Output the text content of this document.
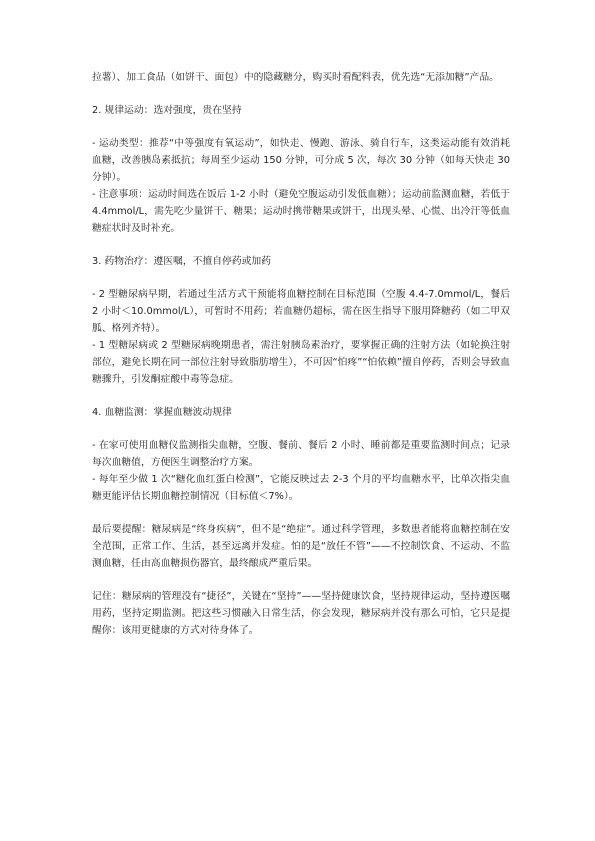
拉薯）、加工食品（如饼干、面包）中的隐藏糖分，购买时看配料表，优先选“无添加糖”产品。

2. 规律运动：选对强度，贵在坚持

- 运动类型：推荐“中等强度有氧运动”，如快走、慢跑、游泳、骑自行车，这类运动能有效消耗血糖，改善胰岛素抵抗；每周至少运动 150 分钟，可分成 5 次，每次 30 分钟（如每天快走 30 分钟）。

- 注意事项：运动时间选在饭后 1-2 小时（避免空腹运动引发低血糖）；运动前监测血糖，若低于 4.4mmol/L，需先吃少量饼干、糖果；运动时携带糖果或饼干，出现头晕、心慌、出冷汗等低血糖症状时及时补充。

3. 药物治疗：遵医嘱，不擅自停药或加药

- 2 型糖尿病早期，若通过生活方式干预能将血糖控制在目标范围（空腹 4.4-7.0mmol/L，餐后 2 小时＜10.0mmol/L），可暂时不用药；若血糖仍超标，需在医生指导下服用降糖药（如二甲双胍、格列齐特）。

- 1 型糖尿病或 2 型糖尿病晚期患者，需注射胰岛素治疗，要掌握正确的注射方法（如轮换注射部位，避免长期在同一部位注射导致脂肪增生），不可因“怕疼”“怕依赖”擅自停药，否则会导致血糖骤升，引发酮症酸中毒等急症。

4. 血糖监测：掌握血糖波动规律

- 在家可使用血糖仪监测指尖血糖，空腹、餐前、餐后 2 小时、睡前都是重要监测时间点；记录每次血糖值，方便医生调整治疗方案。

- 每年至少做 1 次“糖化血红蛋白检测”，它能反映过去 2-3 个月的平均血糖水平，比单次指尖血糖更能评估长期血糖控制情况（目标值＜7%）。

最后要提醒：糖尿病是“终身疾病”，但不是“绝症”。通过科学管理，多数患者能将血糖控制在安全范围，正常工作、生活，甚至远离并发症。怕的是“放任不管”——不控制饮食、不运动、不监测血糖，任由高血糖损伤器官，最终酿成严重后果。

记住：糖尿病的管理没有“捷径”，关键在“坚持”——坚持健康饮食，坚持规律运动，坚持遵医嘱用药，坚持定期监测。把这些习惯融入日常生活，你会发现，糖尿病并没有那么可怕，它只是提醒你：该用更健康的方式对待身体了。
